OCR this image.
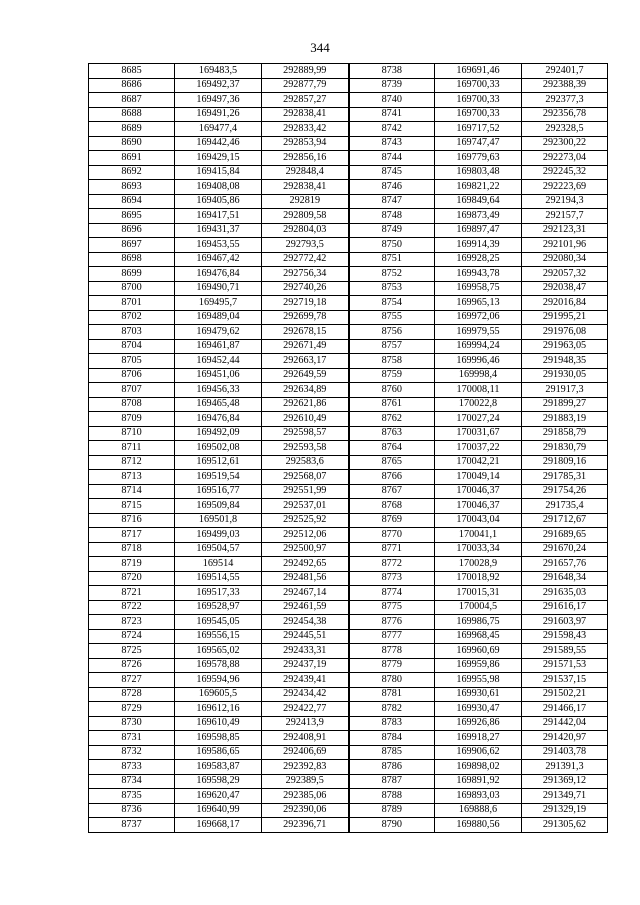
344
8685	169483,5	292889,99	8738	169691,46	292401,7
8686	169492,37	292877,79	8739	169700,33	292388,39
8687	169497,36	292857,27	8740	169700,33	292377,3
8688	169491,26	292838,41	8741	169700,33	292356,78
8689	169477,4	292833,42	8742	169717,52	292328,5
8690	169442,46	292853,94	8743	169747,47	292300,22
8691	169429,15	292856,16	8744	169779,63	292273,04
8692	169415,84	292848,4	8745	169803,48	292245,32
8693	169408,08	292838,41	8746	169821,22	292223,69
8694	169405,86	292819	8747	169849,64	292194,3
8695	169417,51	292809,58	8748	169873,49	292157,7
8696	169431,37	292804,03	8749	169897,47	292123,31
8697	169453,55	292793,5	8750	169914,39	292101,96
8698	169467,42	292772,42	8751	169928,25	292080,34
8699	169476,84	292756,34	8752	169943,78	292057,32
8700	169490,71	292740,26	8753	169958,75	292038,47
8701	169495,7	292719,18	8754	169965,13	292016,84
8702	169489,04	292699,78	8755	169972,06	291995,21
8703	169479,62	292678,15	8756	169979,55	291976,08
8704	169461,87	292671,49	8757	169994,24	291963,05
8705	169452,44	292663,17	8758	169996,46	291948,35
8706	169451,06	292649,59	8759	169998,4	291930,05
8707	169456,33	292634,89	8760	170008,11	291917,3
8708	169465,48	292621,86	8761	170022,8	291899,27
8709	169476,84	292610,49	8762	170027,24	291883,19
8710	169492,09	292598,57	8763	170031,67	291858,79
8711	169502,08	292593,58	8764	170037,22	291830,79
8712	169512,61	292583,6	8765	170042,21	291809,16
8713	169519,54	292568,07	8766	170049,14	291785,31
8714	169516,77	292551,99	8767	170046,37	291754,26
8715	169509,84	292537,01	8768	170046,37	291735,4
8716	169501,8	292525,92	8769	170043,04	291712,67
8717	169499,03	292512,06	8770	170041,1	291689,65
8718	169504,57	292500,97	8771	170033,34	291670,24
8719	169514	292492,65	8772	170028,9	291657,76
8720	169514,55	292481,56	8773	170018,92	291648,34
8721	169517,33	292467,14	8774	170015,31	291635,03
8722	169528,97	292461,59	8775	170004,5	291616,17
8723	169545,05	292454,38	8776	169986,75	291603,97
8724	169556,15	292445,51	8777	169968,45	291598,43
8725	169565,02	292433,31	8778	169960,69	291589,55
8726	169578,88	292437,19	8779	169959,86	291571,53
8727	169594,96	292439,41	8780	169955,98	291537,15
8728	169605,5	292434,42	8781	169930,61	291502,21
8729	169612,16	292422,77	8782	169930,47	291466,17
8730	169610,49	292413,9	8783	169926,86	291442,04
8731	169598,85	292408,91	8784	169918,27	291420,97
8732	169586,65	292406,69	8785	169906,62	291403,78
8733	169583,87	292392,83	8786	169898,02	291391,3
8734	169598,29	292389,5	8787	169891,92	291369,12
8735	169620,47	292385,06	8788	169893,03	291349,71
8736	169640,99	292390,06	8789	169888,6	291329,19
8737	169668,17	292396,71	8790	169880,56	291305,62
